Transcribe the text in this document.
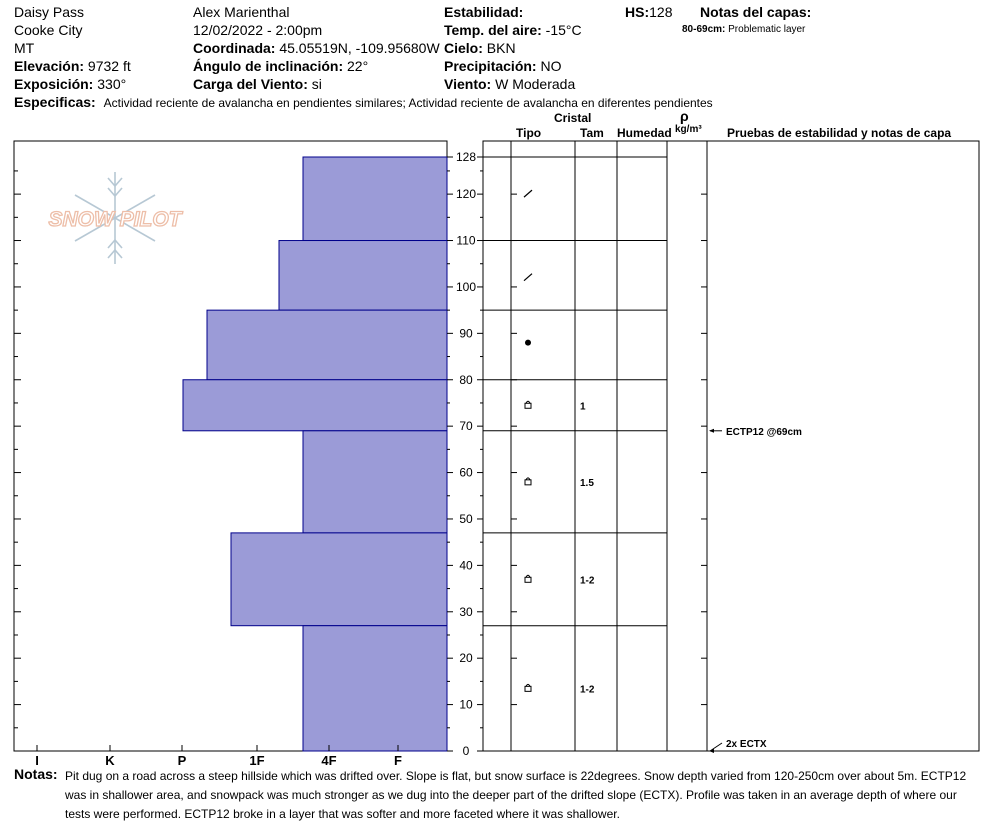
Daisy Pass
Cooke City
MT
Elevación: 9732 ft
Exposición: 330°
Alex Marienthal
12/02/2022 - 2:00pm
Coordinada: 45.05519N, -109.95680W
Ángulo de inclinación: 22°
Carga del Viento: si
Estabilidad:
Temp. del aire: -15°C
Cielo: BKN
Precipitación: NO
Viento: W Moderada
HS:128 Notas del capas:
80-69cm: Problematic layer
Especificas: Actividad reciente de avalancha en pendientes similares; Actividad reciente de avalancha en diferentes pendientes
Cristal	ρ
Tipo	Tam Humedad kg/m³ Pruebas de estabilidad y notas de capa
SNOW PILOT
I	K	P	1F	4F	F
0
10
20
30
40
50
60
70
80
90
100
110
120
128
1
1.5
1-2
1-2
ECTP12 @69cm
2x ECTX
Notas: Pit dug on a road across a steep hillside which was drifted over. Slope is flat, but snow surface is 22degrees. Snow depth varied from 120-250cm over about 5m. ECTP12 was in shallower area, and snowpack was much stronger as we dug into the deeper part of the drifted slope (ECTX). Profile was taken in an average depth of where our tests were performed. ECTP12 broke in a layer that was softer and more faceted where it was shallower.
